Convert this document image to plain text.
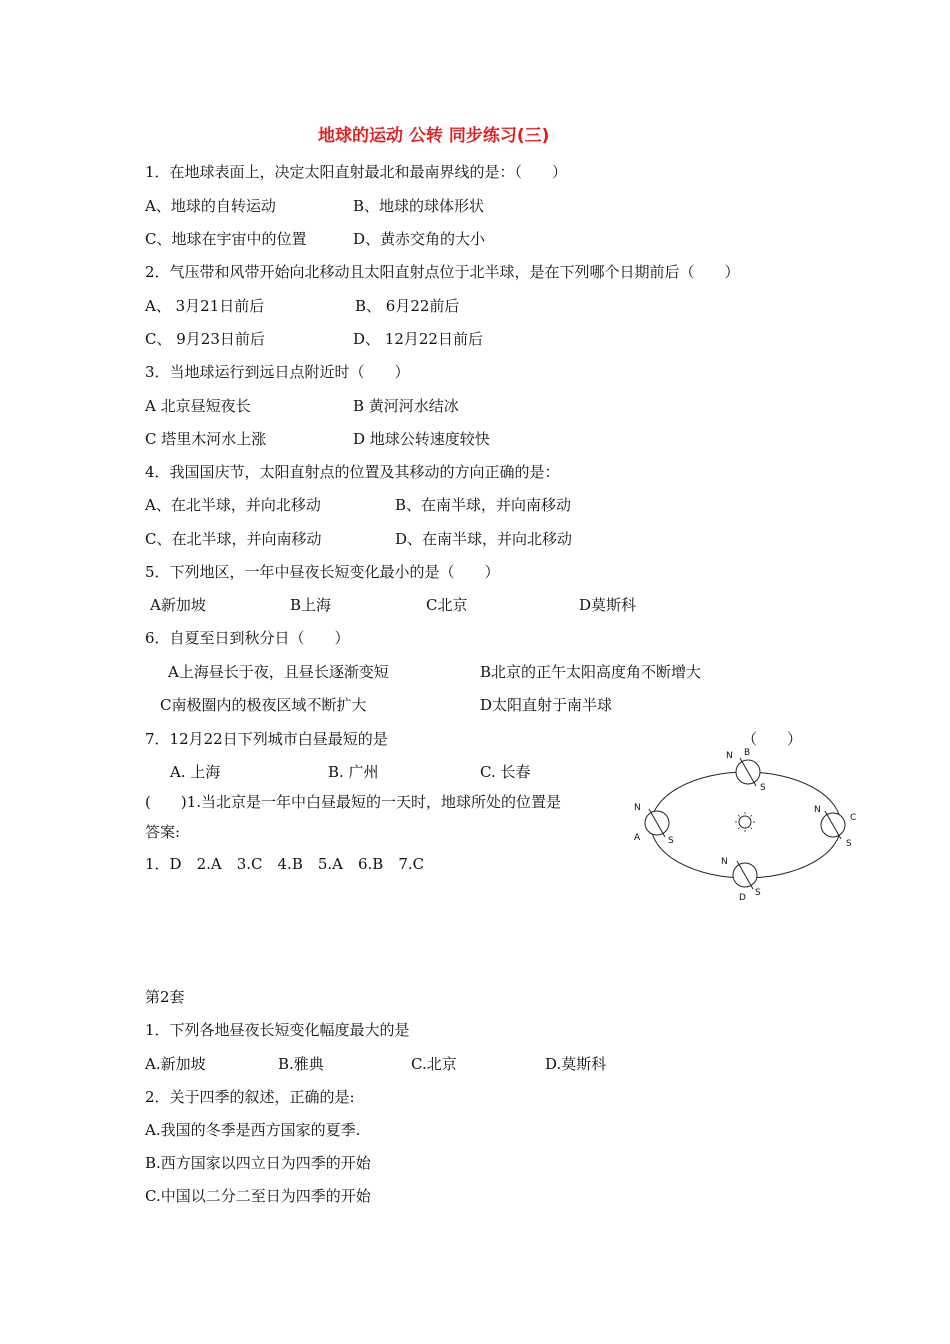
地球的运动 公转 同步练习(三)
1．在地球表面上，决定太阳直射最北和最南界线的是：（　　）
A、地球的自转运动	B、地球的球体形状
C、地球在宇宙中的位置	D、黄赤交角的大小
2．气压带和风带开始向北移动且太阳直射点位于北半球，是在下列哪个日期前后（　　）
A、 3月21日前后	B、 6月22前后
C、 9月23日前后	D、 12月22日前后
3．当地球运行到远日点附近时（　　）
A 北京昼短夜长	B 黄河河水结冰
C 塔里木河水上涨	D 地球公转速度较快
4．我国国庆节，太阳直射点的位置及其移动的方向正确的是：
A、在北半球，并向北移动	B、在南半球，并向南移动
C、在北半球，并向南移动	D、在南半球，并向北移动
5．下列地区，一年中昼夜长短变化最小的是（　　）
A新加坡	B上海	C北京	D莫斯科
6．自夏至日到秋分日（　　）
A上海昼长于夜，且昼长逐渐变短	B北京的正午太阳高度角不断增大
C南极圈内的极夜区域不断扩大	D太阳直射于南半球
7．12月22日下列城市白昼最短的是	（　　）
A. 上海	B. 广州	C. 长春
(　　)1.当北京是一年中白昼最短的一天时，地球所处的位置是
答案:
1．D　2.A　3.C　4.B　5.A　6.B　7.C
B
N
S
A
N
S
C
N
S
D
N
S
第2套
1．下列各地昼夜长短变化幅度最大的是
A.新加坡	B.雅典	C.北京	D.莫斯科
2．关于四季的叙述，正确的是:
A.我国的冬季是西方国家的夏季.
B.西方国家以四立日为四季的开始
C.中国以二分二至日为四季的开始
